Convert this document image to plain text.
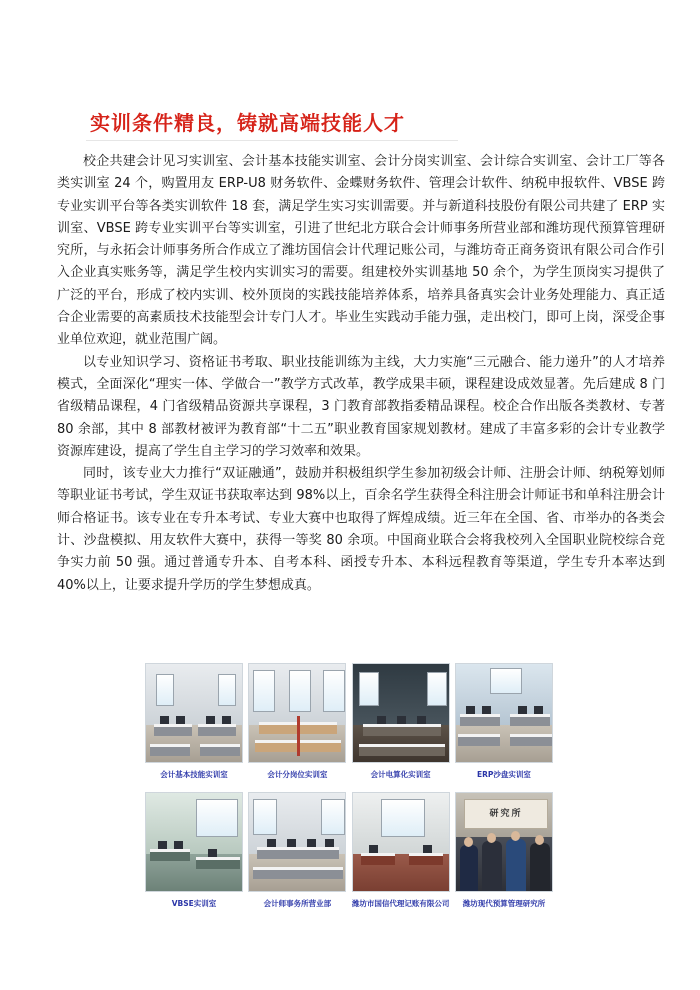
实训条件精良，铸就高端技能人才

校企共建会计见习实训室、会计基本技能实训室、会计分岗实训室、会计综合实训室、会计工厂等各类实训室 24 个，购置用友 ERP-U8 财务软件、金蝶财务软件、管理会计软件、纳税申报软件、VBSE 跨专业实训平台等各类实训软件 18 套，满足学生实习实训需要。并与新道科技股份有限公司共建了 ERP 实训室、VBSE 跨专业实训平台等实训室，引进了世纪北方联合会计师事务所营业部和潍坊现代预算管理研究所，与永拓会计师事务所合作成立了潍坊国信会计代理记账公司，与潍坊奇正商务资讯有限公司合作引入企业真实账务等，满足学生校内实训实习的需要。组建校外实训基地 50 余个，为学生顶岗实习提供了广泛的平台，形成了校内实训、校外顶岗的实践技能培养体系，培养具备真实会计业务处理能力、真正适合企业需要的高素质技术技能型会计专门人才。毕业生实践动手能力强，走出校门，即可上岗，深受企事业单位欢迎，就业范围广阔。

以专业知识学习、资格证书考取、职业技能训练为主线，大力实施“三元融合、能力递升”的人才培养模式，全面深化“理实一体、学做合一”教学方式改革，教学成果丰硕，课程建设成效显著。先后建成 8 门省级精品课程，4 门省级精品资源共享课程，3 门教育部教指委精品课程。校企合作出版各类教材、专著 80 余部，其中 8 部教材被评为教育部“十二五”职业教育国家规划教材。建成了丰富多彩的会计专业教学资源库建设，提高了学生自主学习的学习效率和效果。

同时，该专业大力推行“双证融通”，鼓励并积极组织学生参加初级会计师、注册会计师、纳税筹划师等职业证书考试，学生双证书获取率达到 98%以上，百余名学生获得全科注册会计师证书和单科注册会计师合格证书。该专业在专升本考试、专业大赛中也取得了辉煌成绩。近三年在全国、省、市举办的各类会计、沙盘模拟、用友软件大赛中，获得一等奖 80 余项。中国商业联合会将我校列入全国职业院校综合竞争实力前 50 强。通过普通专升本、自考本科、函授专升本、本科远程教育等渠道，学生专升本率达到 40%以上，让要求提升学历的学生梦想成真。

会计基本技能实训室	会计分岗位实训室	会计电算化实训室	ERP沙盘实训室
VBSE实训室	会计师事务所营业部	潍坊市国信代理记账有限公司
研究所
潍坊现代预算管理研究所
